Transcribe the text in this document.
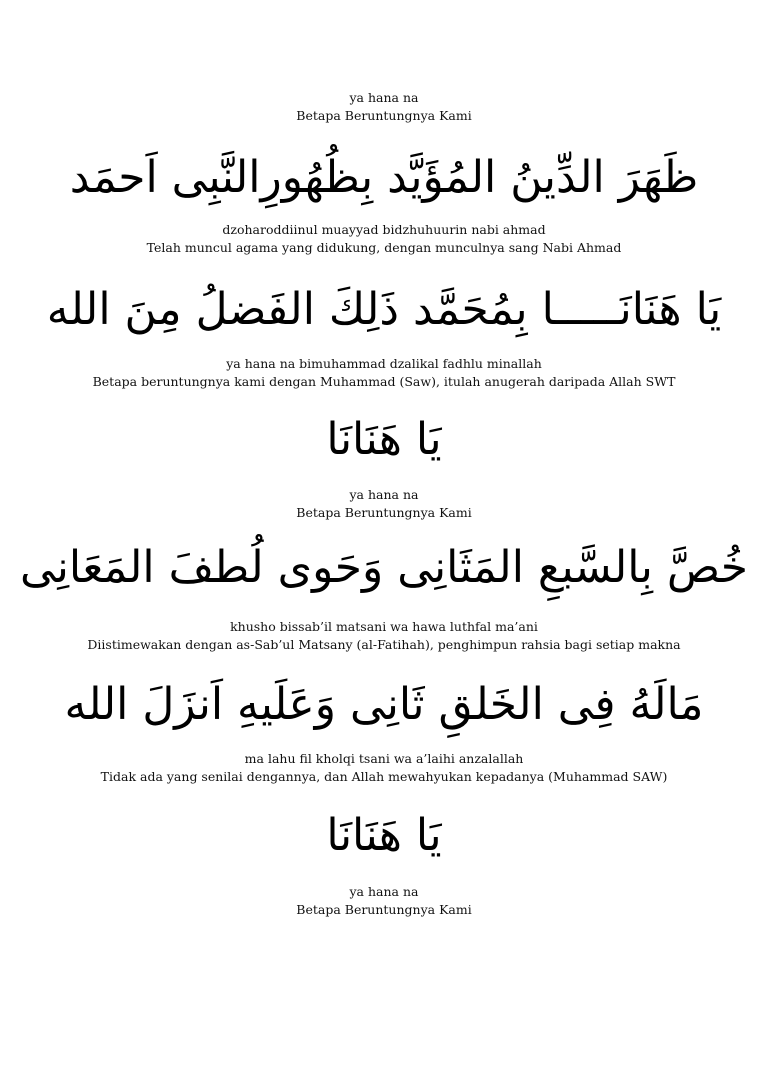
ya hana na
Betapa Beruntungnya Kami
ظَهَرَ الدِّينُ المُؤَيَّد بِظُهُورِالنَّبِى اَحمَد
dzoharoddiinul muayyad bidzhuhuurin nabi ahmad
Telah muncul agama yang didukung, dengan munculnya sang Nabi Ahmad
يَا هَنَانَـــــا بِمُحَمَّد ذَلِكَ الفَضلُ مِنَ الله
ya hana na bimuhammad dzalikal fadhlu minallah
Betapa beruntungnya kami dengan Muhammad (Saw), itulah anugerah daripada Allah SWT
يَا هَنَانَا
ya hana na
Betapa Beruntungnya Kami
خُصَّ بِالسَّبعِ المَثَانِى وَحَوى لُطفَ المَعَانِى
khusho bissab’il matsani wa hawa luthfal ma’ani
Diistimewakan dengan as-Sab’ul Matsany (al-Fatihah), penghimpun rahsia bagi setiap makna
مَالَهُ فِى الخَلقِ ثَانِى وَعَلَيهِ اَنزَلَ الله
ma lahu fil kholqi tsani wa a’laihi anzalallah
Tidak ada yang senilai dengannya, dan Allah mewahyukan kepadanya (Muhammad SAW)
يَا هَنَانَا
ya hana na
Betapa Beruntungnya Kami
